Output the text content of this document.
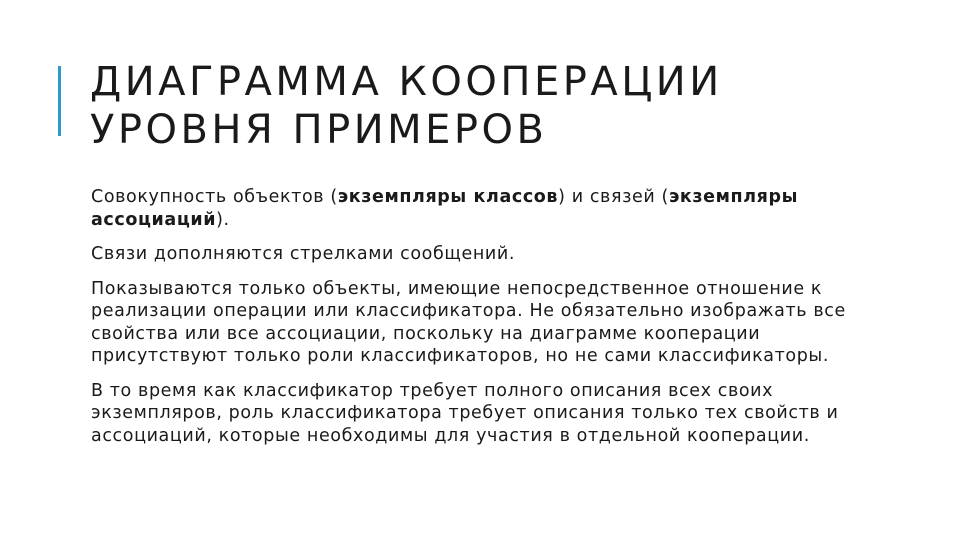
ДИАГРАММА КООПЕРАЦИИ
УРОВНЯ ПРИМЕРОВ

Совокупность объектов (экземпляры классов) и связей (экземпляры ассоциаций).

Связи дополняются стрелками сообщений.

Показываются только объекты, имеющие непосредственное отношение к реализации операции или классификатора. Не обязательно изображать все свойства или все ассоциации, поскольку на диаграмме кооперации присутствуют только роли классификаторов, но не сами классификаторы.

В то время как классификатор требует полного описания всех своих экземпляров, роль классификатора требует описания только тех свойств и ассоциаций, которые необходимы для участия в отдельной кооперации.
